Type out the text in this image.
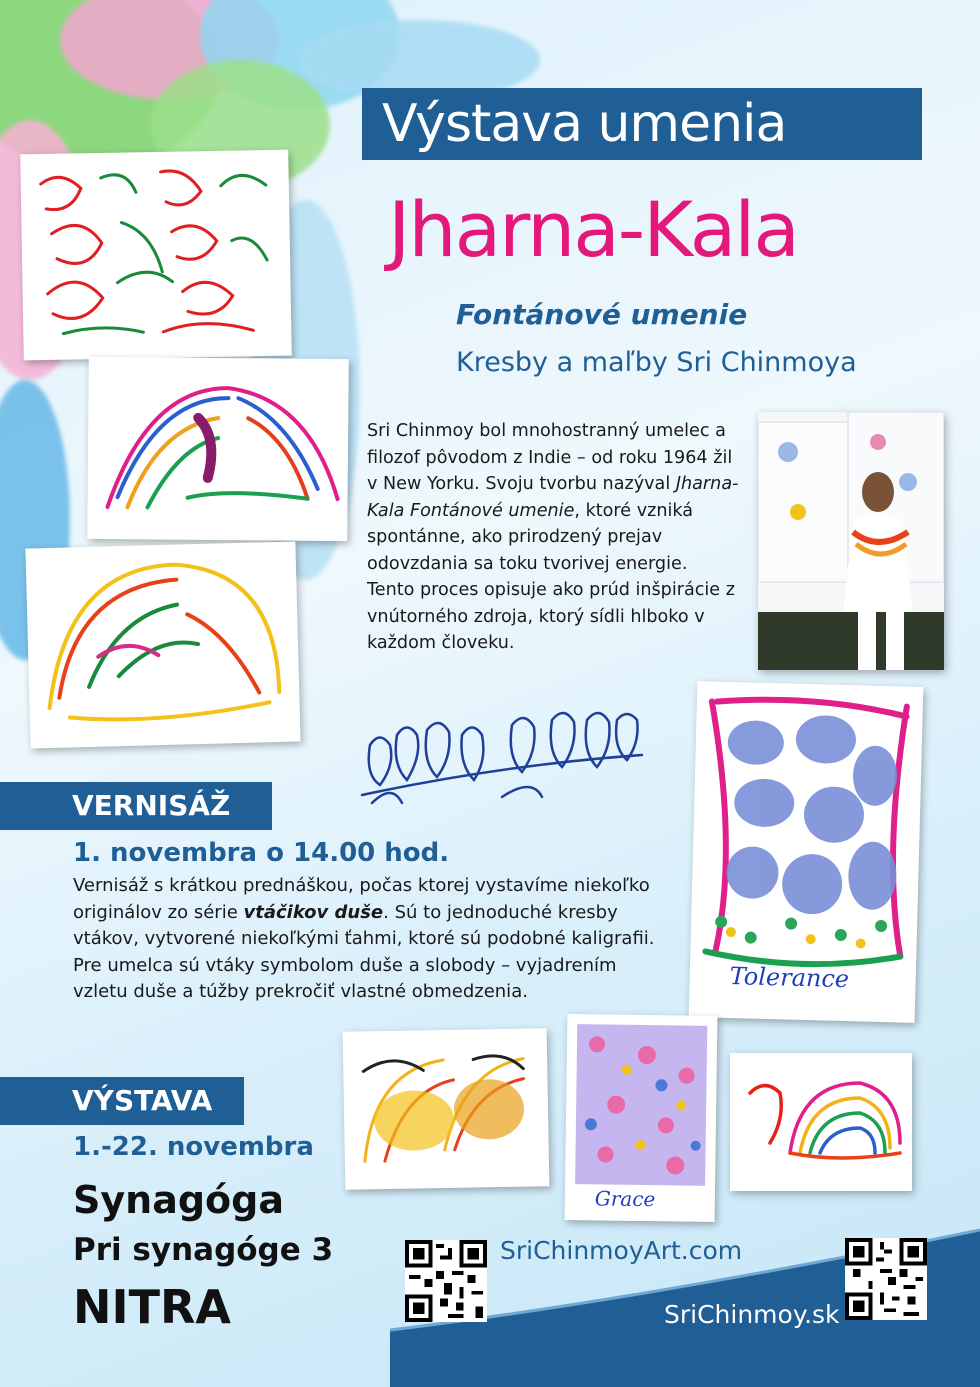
Výstava umenia
Jharna-Kala
Fontánové umenie
Kresby a maľby Sri Chinmoya
Sri Chinmoy bol mnohostranný umelec a filozof pôvodom z Indie – od roku 1964 žil v New Yorku. Svoju tvorbu nazýval Jharna-Kala Fontánové umenie, ktoré vzniká spontánne, ako prirodzený prejav odovzdania sa toku tvorivej energie. Tento proces opisuje ako prúd inšpirácie z vnútorného zdroja, ktorý sídli hlboko v každom človeku.
Tolerance
VERNISÁŽ
1. novembra o 14.00 hod.
Vernisáž s krátkou prednáškou, počas ktorej vystavíme niekoľko originálov zo série vtáčikov duše. Sú to jednoduché kresby vtákov, vytvorené niekoľkými ťahmi, ktoré sú podobné kaligrafii. Pre umelca sú vtáky symbolom duše a slobody – vyjadrením vzletu duše a túžby prekročiť vlastné obmedzenia.
VÝSTAVA
1.-22. novembra
Synagóga
Pri synagóge 3
NITRA
Grace
SriChinmoyArt.com
SriChinmoy.sk
